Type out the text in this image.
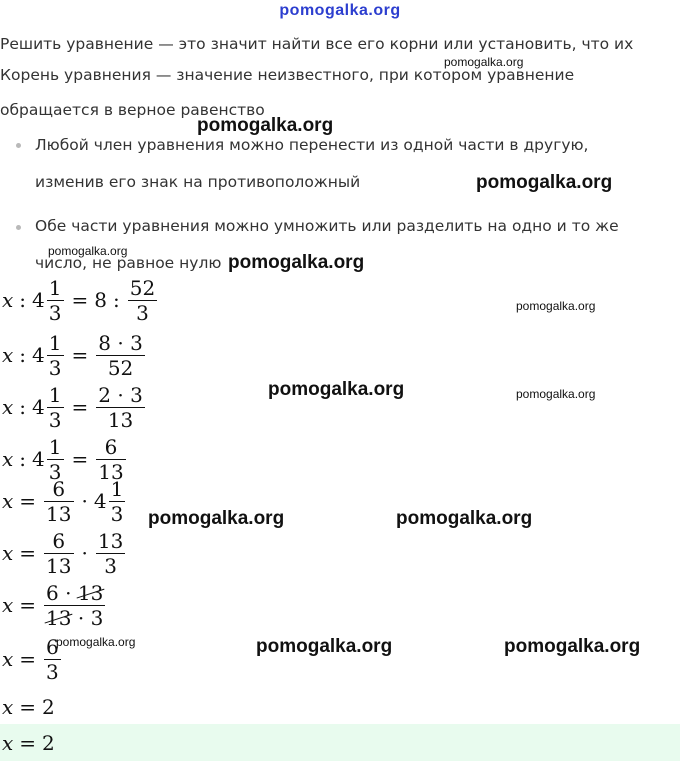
pomogalka.org
Решить уравнение — это значит найти все его корни или установить, что их
Корень уравнения — значение неизвестного, при котором уравнение
обращается в верное равенство
Любой член уравнения можно перенести из одной части в другую,
изменив его знак на противоположный
Обе части уравнения можно умножить или разделить на одно и то же
число, не равное нулю
x : $4 \frac{1}{3} = 8$ : $\frac{52}{3}$
x : $4 \frac{1}{3} = \frac{8 \cdot 3}{52}$
x : $4 \frac{1}{3} = \frac{2 \cdot 3}{13}$
x : $4 \frac{1}{3} = \frac{6}{13}$
$x = \frac{6}{13} \cdot 4 \frac{1}{3}$
$x = \frac{6}{13} \cdot \frac{13}{3}$
$x = \frac{6 \cdot 13}{13 \cdot 3}$
$x = \frac{6}{3}$
x = 2
x = 2
pomogalka.org
pomogalka.org
pomogalka.org
pomogalka.org
pomogalka.org
pomogalka.org
pomogalka.org	pomogalka.org
pomogalka.org	pomogalka.org
pomogalka.org	pomogalka.org	pomogalka.org
